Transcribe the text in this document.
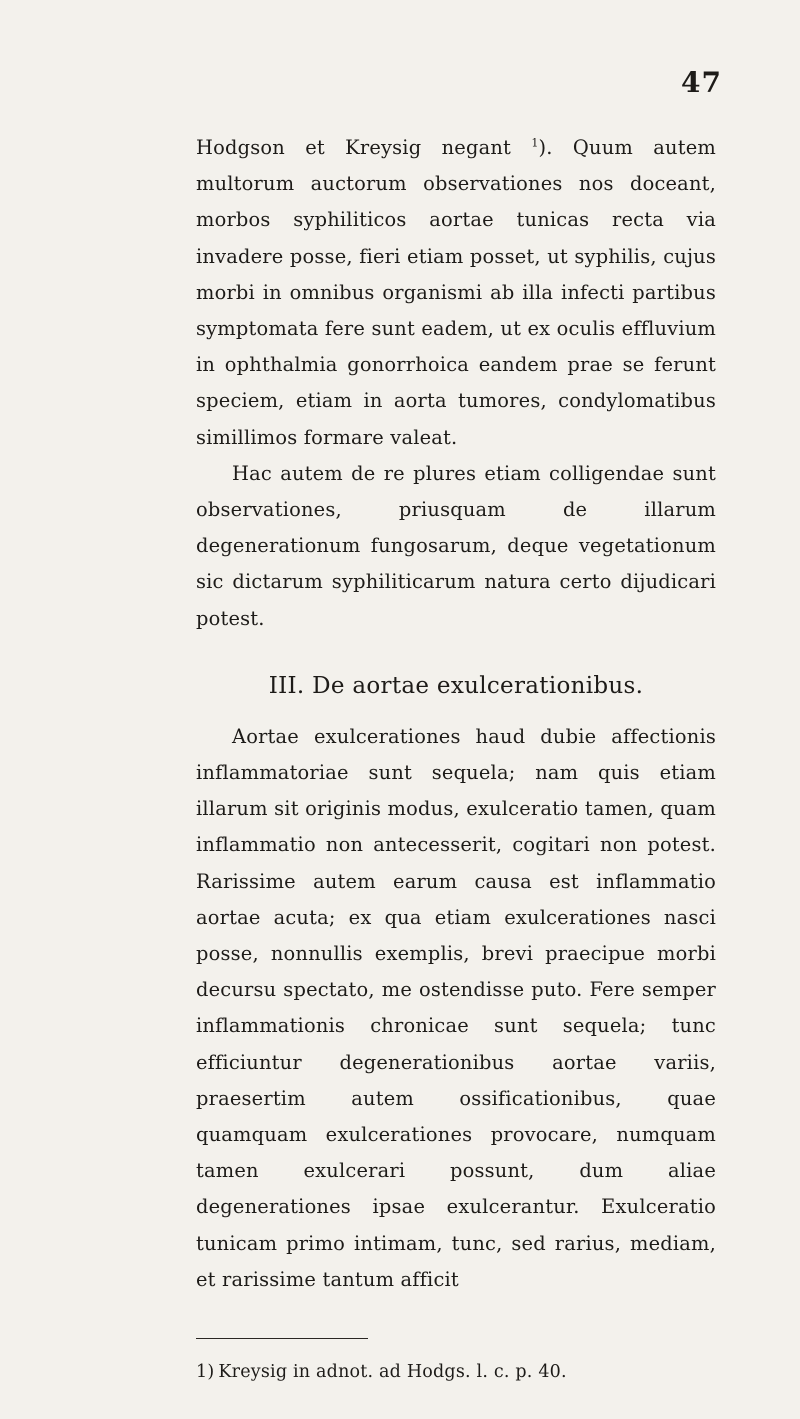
47

Hodgson et Kreysig negant $^1$). Quum autem multorum auctorum observationes nos doceant, morbos syphiliticos aortae tunicas recta via invadere posse, fieri etiam posset, ut syphilis, cujus morbi in omnibus organismi ab illa infecti partibus symptomata fere sunt eadem, ut ex oculis effluvium in ophthalmia gonorrhoica eandem prae se ferunt speciem, etiam in aorta tumores, condylomatibus simillimos formare valeat.

Hac autem de re plures etiam colligendae sunt observationes, priusquam de illarum degenerationum fungosarum, deque vegetationum sic dictarum syphiliticarum natura certo dijudicari potest.

III. De aortae exulcerationibus.

Aortae exulcerationes haud dubie affectionis inflammatoriae sunt sequela; nam quis etiam illarum sit originis modus, exulceratio tamen, quam inflammatio non antecesserit, cogitari non potest. Rarissime autem earum causa est inflammatio aortae acuta; ex qua etiam exulcerationes nasci posse, nonnullis exemplis, brevi praecipue morbi decursu spectato, me ostendisse puto. Fere semper inflammationis chronicae sunt sequela; tunc efficiuntur degenerationibus aortae variis, praesertim autem ossificationibus, quae quamquam exulcerationes provocare, numquam tamen exulcerari possunt, dum aliae degenerationes ipsae exulcerantur. Exulceratio tunicam primo intimam, tunc, sed rarius, mediam, et rarissime tantum afficit

1) Kreysig in adnot. ad Hodgs. l. c. p. 40.
